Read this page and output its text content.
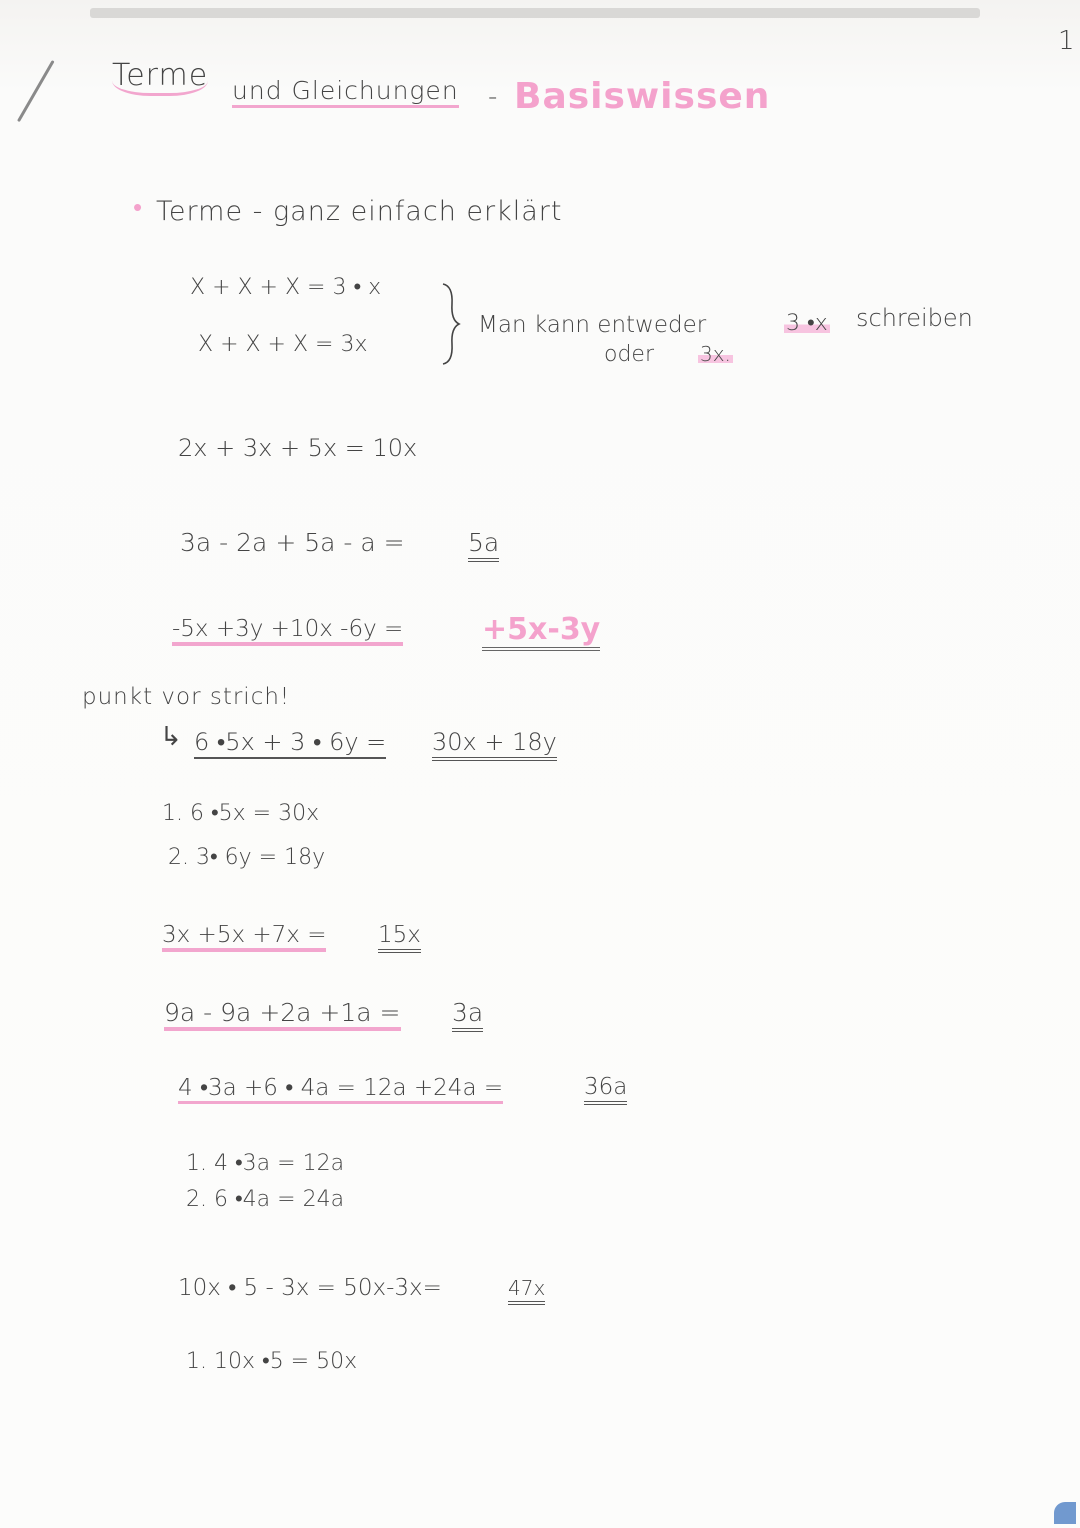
1
Terme und Gleichungen - Basiswissen
• Terme - ganz einfach erklärt
X + X + X = 3 • x
X + X + X = 3x
Man kann entweder	3 •x schreiben
oder 3x.
2x + 3x + 5x = 10x
3a - 2a + 5a - a =	5a
-5x +3y +10x -6y =	+5x-3y
punkt vor strich!
↳ 6 •5x + 3 • 6y = 30x + 18y
1. 6 •5x = 30x
2. 3• 6y = 18y
3x +5x +7x = 15x
9a - 9a +2a +1a = 3a
4 •3a +6 • 4a = 12a +24a =	36a
1. 4 •3a = 12a
2. 6 •4a = 24a
10x • 5 - 3x = 50x-3x=	47x
1. 10x •5 = 50x
